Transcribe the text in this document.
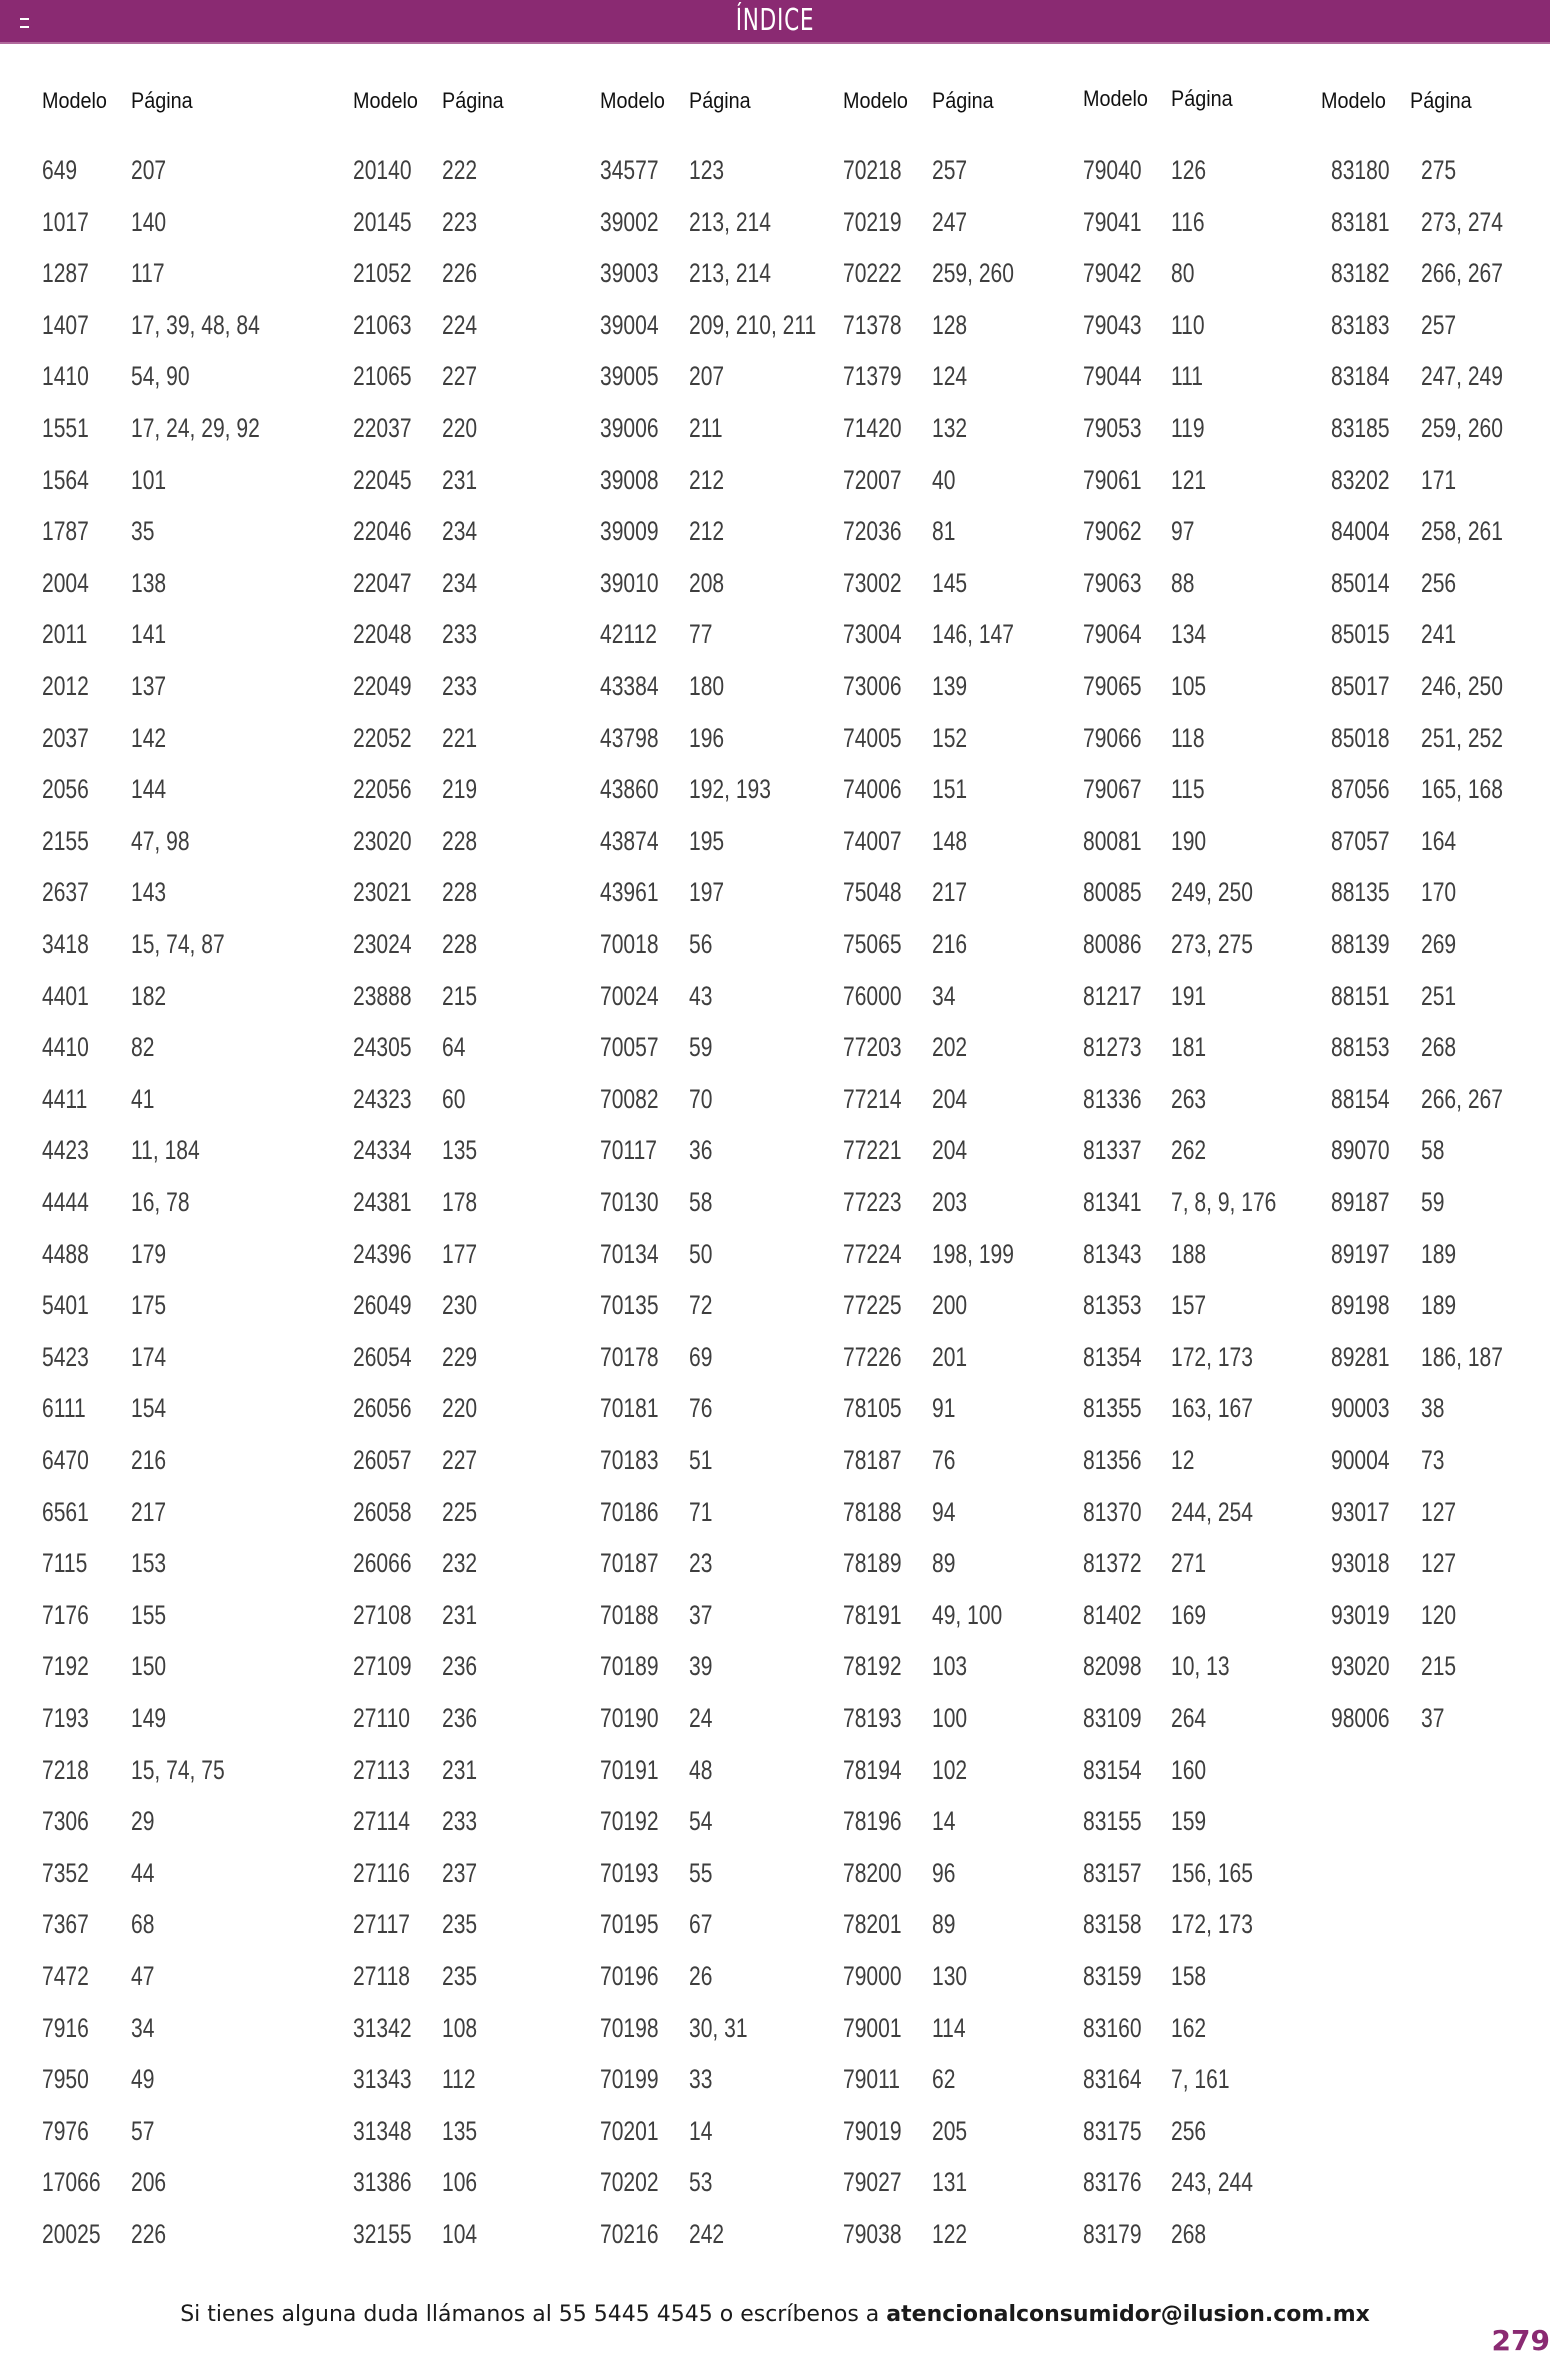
ÍNDICE
Modelo Página
649 207
1017 140
1287 117
1407 17, 39, 48, 84
1410 54, 90
1551 17, 24, 29, 92
1564 101
1787 35
2004 138
2011 141
2012 137
2037 142
2056 144
2155 47, 98
2637 143
3418 15, 74, 87
4401 182
4410 82
4411 41
4423 11, 184
4444 16, 78
4488 179
5401 175
5423 174
6111 154
6470 216
6561 217
7115 153
7176 155
7192 150
7193 149
7218 15, 74, 75
7306 29
7352 44
7367 68
7472 47
7916 34
7950 49
7976 57
17066 206
20025 226
Modelo Página
20140 222
20145 223
21052 226
21063 224
21065 227
22037 220
22045 231
22046 234
22047 234
22048 233
22049 233
22052 221
22056 219
23020 228
23021 228
23024 228
23888 215
24305 64
24323 60
24334 135
24381 178
24396 177
26049 230
26054 229
26056 220
26057 227
26058 225
26066 232
27108 231
27109 236
27110 236
27113 231
27114 233
27116 237
27117 235
27118 235
31342 108
31343 112
31348 135
31386 106
32155 104
Modelo Página
34577 123
39002 213, 214
39003 213, 214
39004 209, 210, 211
39005 207
39006 211
39008 212
39009 212
39010 208
42112 77
43384 180
43798 196
43860 192, 193
43874 195
43961 197
70018 56
70024 43
70057 59
70082 70
70117 36
70130 58
70134 50
70135 72
70178 69
70181 76
70183 51
70186 71
70187 23
70188 37
70189 39
70190 24
70191 48
70192 54
70193 55
70195 67
70196 26
70198 30, 31
70199 33
70201 14
70202 53
70216 242
Modelo Página
70218 257
70219 247
70222 259, 260
71378 128
71379 124
71420 132
72007 40
72036 81
73002 145
73004 146, 147
73006 139
74005 152
74006 151
74007 148
75048 217
75065 216
76000 34
77203 202
77214 204
77221 204
77223 203
77224 198, 199
77225 200
77226 201
78105 91
78187 76
78188 94
78189 89
78191 49, 100
78192 103
78193 100
78194 102
78196 14
78200 96
78201 89
79000 130
79001 114
79011 62
79019 205
79027 131
79038 122
Modelo Página
79040 126
79041 116
79042 80
79043 110
79044 111
79053 119
79061 121
79062 97
79063 88
79064 134
79065 105
79066 118
79067 115
80081 190
80085 249, 250
80086 273, 275
81217 191
81273 181
81336 263
81337 262
81341 7, 8, 9, 176
81343 188
81353 157
81354 172, 173
81355 163, 167
81356 12
81370 244, 254
81372 271
81402 169
82098 10, 13
83109 264
83154 160
83155 159
83157 156, 165
83158 172, 173
83159 158
83160 162
83164 7, 161
83175 256
83176 243, 244
83179 268
Modelo Página
83180 275
83181 273, 274
83182 266, 267
83183 257
83184 247, 249
83185 259, 260
83202 171
84004 258, 261
85014 256
85015 241
85017 246, 250
85018 251, 252
87056 165, 168
87057 164
88135 170
88139 269
88151 251
88153 268
88154 266, 267
89070 58
89187 59
89197 189
89198 189
89281 186, 187
90003 38
90004 73
93017 127
93018 127
93019 120
93020 215
98006 37
Si tienes alguna duda llámanos al 55 5445 4545 o escríbenos a atencionalconsumidor@ilusion.com.mx
279
